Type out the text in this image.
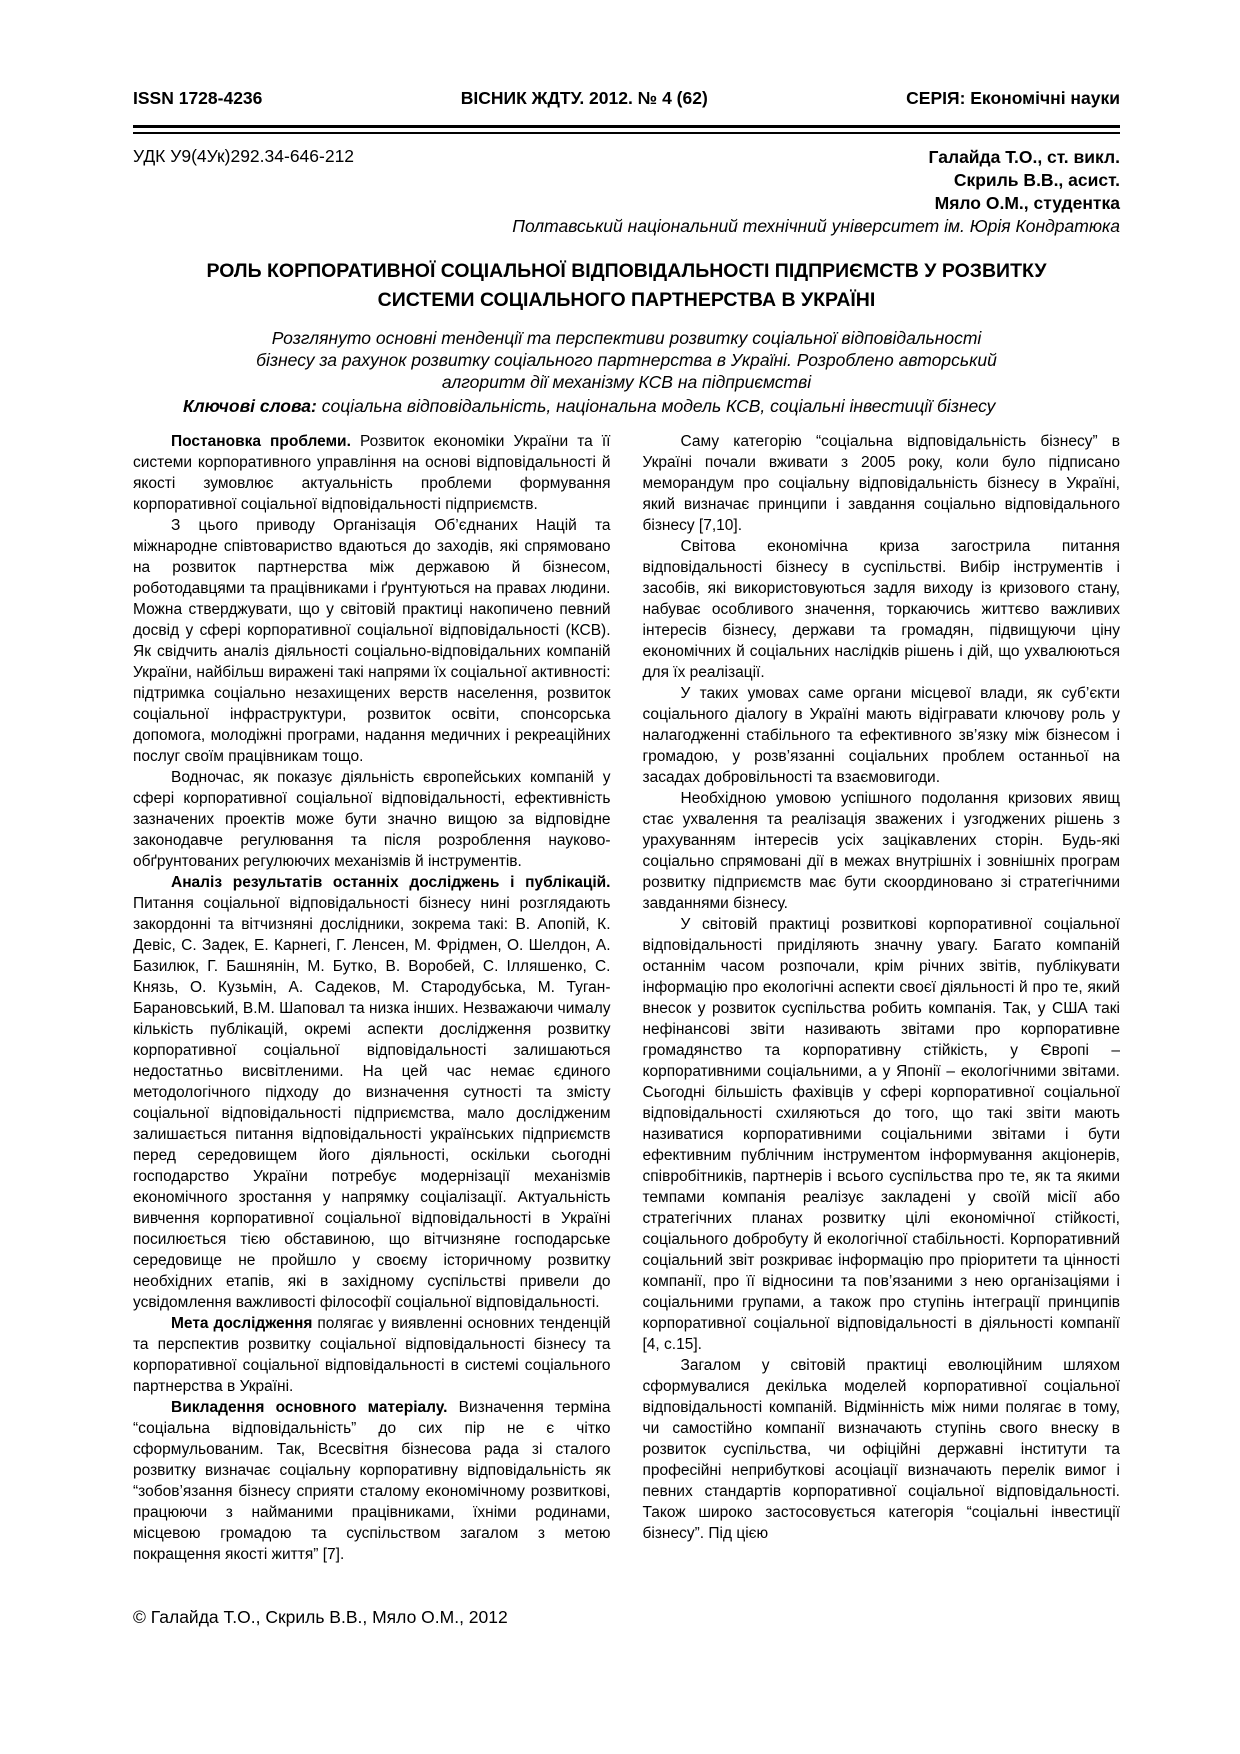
ISSN 1728-4236	ВІСНИК ЖДТУ. 2012. № 4 (62)	СЕРІЯ: Економічні науки
УДК У9(4Ук)292.34-646-212	Галайда Т.О., ст. викл.
Скриль В.В., асист.
Мяло О.М., студентка
Полтавський національний технічний університет ім. Юрія Кондратюка
РОЛЬ КОРПОРАТИВНОЇ СОЦІАЛЬНОЇ ВІДПОВІДАЛЬНОСТІ ПІДПРИЄМСТВ У РОЗВИТКУ
СИСТЕМИ СОЦІАЛЬНОГО ПАРТНЕРСТВА В УКРАЇНІ
Розглянуто основні тенденції та перспективи розвитку соціальної відповідальності
бізнесу за рахунок розвитку соціального партнерства в Україні. Розроблено авторський
алгоритм дії механізму КСВ на підприємстві
Ключові слова: соціальна відповідальність, національна модель КСВ, соціальні інвестиції бізнесу

Постановка проблеми. Розвиток економіки України та її системи корпоративного управління на основі відповідальності й якості зумовлює актуальність проблеми формування корпоративної соціальної відповідальності підприємств.

З цього приводу Організація Об’єднаних Націй та міжнародне співтовариство вдаються до заходів, які спрямовано на розвиток партнерства між державою й бізнесом, роботодавцями та працівниками і ґрунтуються на правах людини. Можна стверджувати, що у світовій практиці накопичено певний досвід у сфері корпоративної соціальної відповідальності (КСВ). Як свідчить аналіз діяльності соціально-відповідальних компаній України, найбільш виражені такі напрями їх соціальної активності: підтримка соціально незахищених верств населення, розвиток соціальної інфраструктури, розвиток освіти, спонсорська допомога, молодіжні програми, надання медичних і рекреаційних послуг своїм працівникам тощо.

Водночас, як показує діяльність європейських компаній у сфері корпоративної соціальної відповідальності, ефективність зазначених проектів може бути значно вищою за відповідне законодавче регулювання та після розроблення науково-обґрунтованих регулюючих механізмів й інструментів.

Аналіз результатів останніх досліджень і публікацій. Питання соціальної відповідальності бізнесу нині розглядають закордонні та вітчизняні дослідники, зокрема такі: В. Апопій, К. Девіс, С. Задек, Е. Карнегі, Г. Ленсен, М. Фрідмен, О. Шелдон, А. Базилюк, Г. Башнянін, М. Бутко, В. Воробей, С. Ілляшенко, С. Князь, О. Кузьмін, А. Садеков, М. Стародубська, М. Туган-Барановський, В.М. Шаповал та низка інших. Незважаючи чималу кількість публікацій, окремі аспекти дослідження розвитку корпоративної соціальної відповідальності залишаються недостатньо висвітленими. На цей час немає єдиного методологічного підходу до визначення сутності та змісту соціальної відповідальності підприємства, мало дослідженим залишається питання відповідальності українських підприємств перед середовищем його діяльності, оскільки сьогодні господарство України потребує модернізації механізмів економічного зростання у напрямку соціалізації. Актуальність вивчення корпоративної соціальної відповідальності в Україні посилюється тією обставиною, що вітчизняне господарське середовище не пройшло у своєму історичному розвитку необхідних етапів, які в західному суспільстві привели до усвідомлення важливості філософії соціальної відповідальності.

Мета дослідження полягає у виявленні основних тенденцій та перспектив розвитку соціальної відповідальності бізнесу та корпоративної соціальної відповідальності в системі соціального партнерства в Україні.

Викладення основного матеріалу. Визначення терміна “соціальна відповідальність” до сих пір не є чітко сформульованим. Так, Всесвітня бізнесова рада зі сталого розвитку визначає соціальну корпоративну відповідальність як “зобов’язання бізнесу сприяти сталому економічному розвиткові, працюючи з найманими працівниками, їхніми родинами, місцевою громадою та суспільством загалом з метою покращення якості життя” [7].

Саму категорію “соціальна відповідальність бізнесу” в Україні почали вживати з 2005 року, коли було підписано меморандум про соціальну відповідальність бізнесу в Україні, який визначає принципи і завдання соціально відповідального бізнесу [7,10].

Світова економічна криза загострила питання відповідальності бізнесу в суспільстві. Вибір інструментів і засобів, які використовуються задля виходу із кризового стану, набуває особливого значення, торкаючись життєво важливих інтересів бізнесу, держави та громадян, підвищуючи ціну економічних й соціальних наслідків рішень і дій, що ухвалюються для їх реалізації.

У таких умовах саме органи місцевої влади, як суб’єкти соціального діалогу в Україні мають відігравати ключову роль у налагодженні стабільного та ефективного зв’язку між бізнесом і громадою, у розв’язанні соціальних проблем останньої на засадах добровільності та взаємовигоди.

Необхідною умовою успішного подолання кризових явищ стає ухвалення та реалізація зважених і узгоджених рішень з урахуванням інтересів усіх зацікавлених сторін. Будь-які соціально спрямовані дії в межах внутрішніх і зовнішніх програм розвитку підприємств має бути скоординовано зі стратегічними завданнями бізнесу.

У світовій практиці розвиткові корпоративної соціальної відповідальності приділяють значну увагу. Багато компаній останнім часом розпочали, крім річних звітів, публікувати інформацію про екологічні аспекти своєї діяльності й про те, який внесок у розвиток суспільства робить компанія. Так, у США такі нефінансові звіти називають звітами про корпоративне громадянство та корпоративну стійкість, у Європі – корпоративними соціальними, а у Японії – екологічними звітами. Сьогодні більшість фахівців у сфері корпоративної соціальної відповідальності схиляються до того, що такі звіти мають називатися корпоративними соціальними звітами і бути ефективним публічним інструментом інформування акціонерів, співробітників, партнерів і всього суспільства про те, як та якими темпами компанія реалізує закладені у своїй місії або стратегічних планах розвитку цілі економічної стійкості, соціального добробуту й екологічної стабільності. Корпоративний соціальний звіт розкриває інформацію про пріоритети та цінності компанії, про її відносини та пов’язаними з нею організаціями і соціальними групами, а також про ступінь інтеграції принципів корпоративної соціальної відповідальності в діяльності компанії [4, с.15].

Загалом у світовій практиці еволюційним шляхом сформувалися декілька моделей корпоративної соціальної відповідальності компаній. Відмінність між ними полягає в тому, чи самостійно компанії визначають ступінь свого внеску в розвиток суспільства, чи офіційні державні інститути та професійні неприбуткові асоціації визначають перелік вимог і певних стандартів корпоративної соціальної відповідальності. Також широко застосовується категорія “соціальні інвестиції бізнесу”. Під цією

© Галайда Т.О., Скриль В.В., Мяло О.М., 2012
